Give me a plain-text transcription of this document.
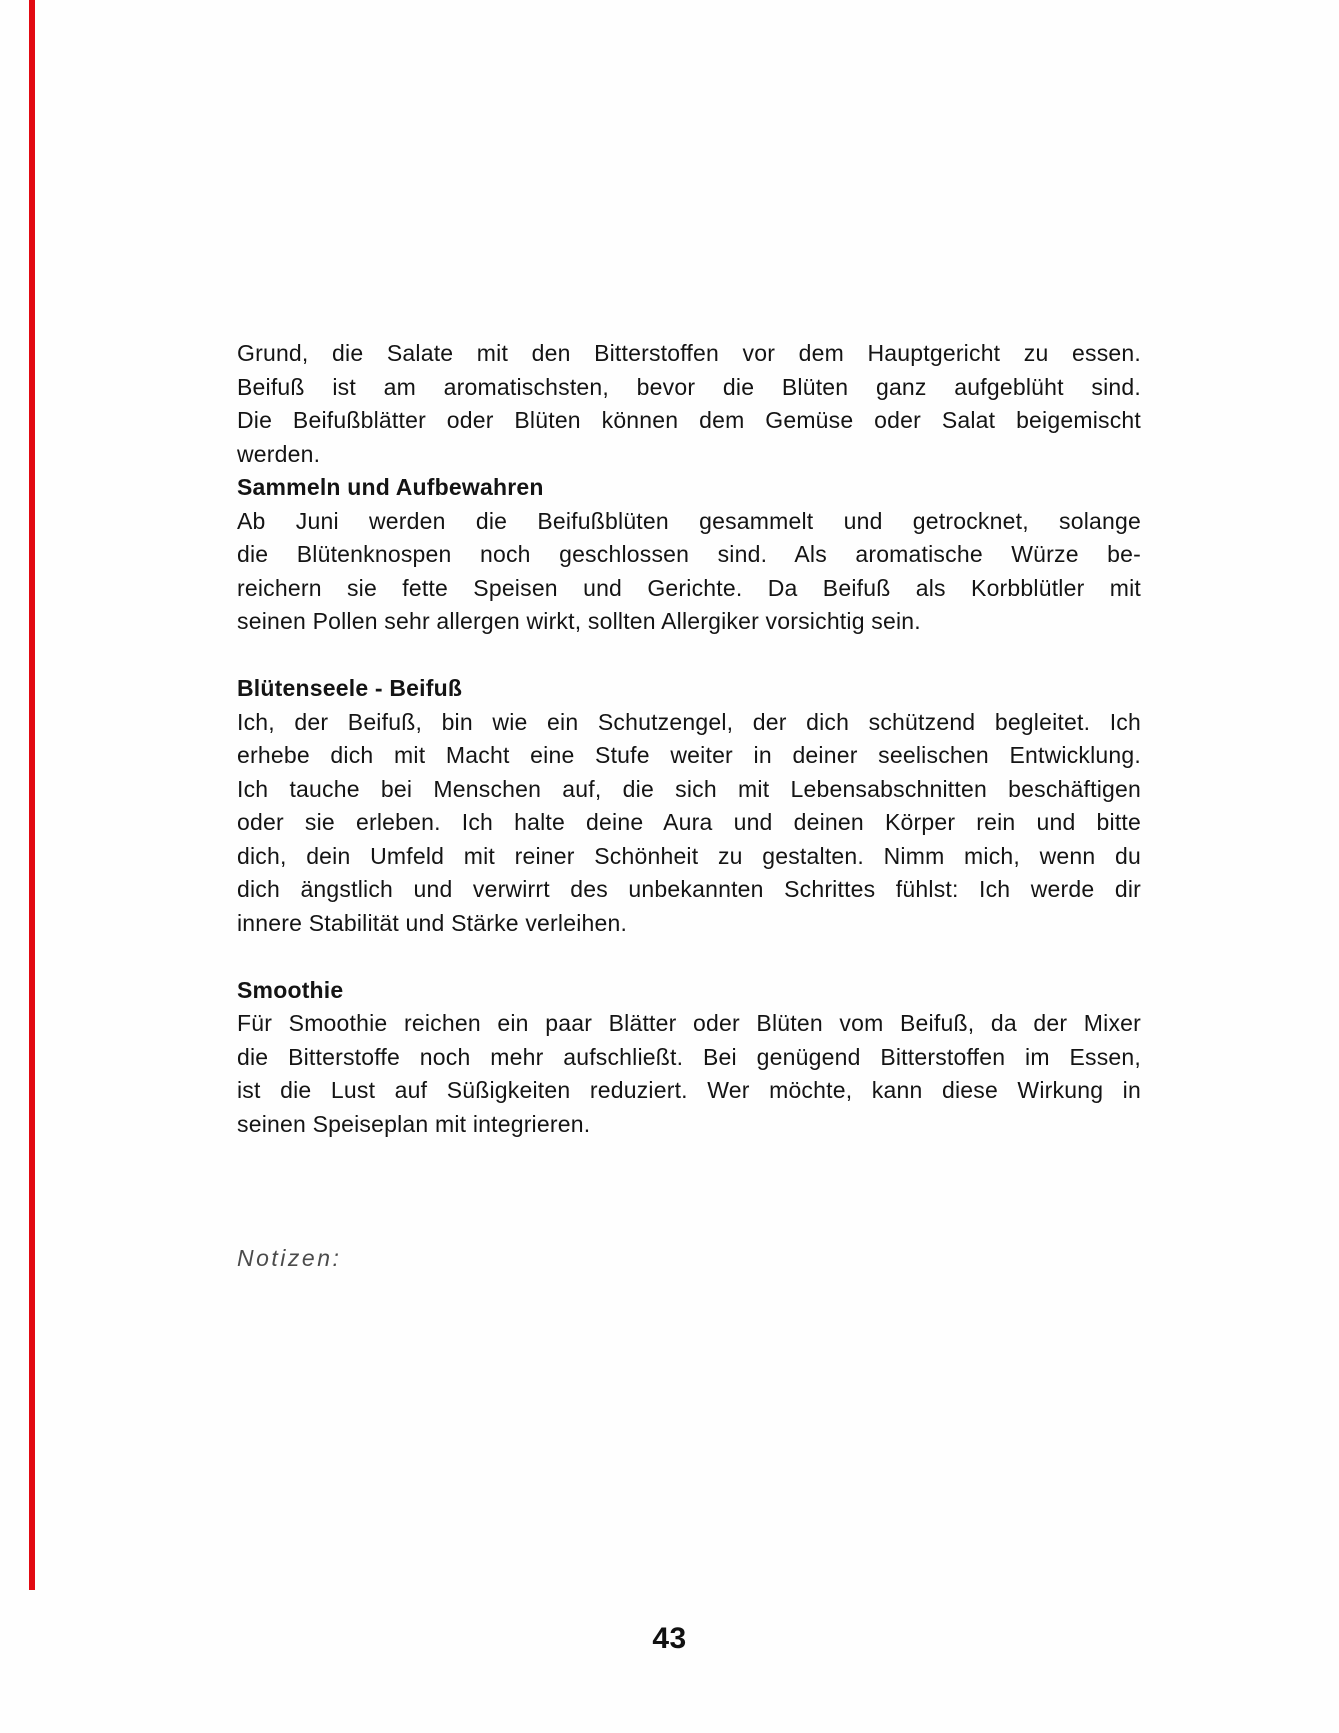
Grund, die Salate mit den Bitterstoffen vor dem Hauptgericht zu essen.
Beifuß ist am aromatischsten, bevor die Blüten ganz aufgeblüht sind.
Die Beifußblätter oder Blüten können dem Gemüse oder Salat beigemischt
werden.
Sammeln und Aufbewahren
Ab Juni werden die Beifußblüten gesammelt und getrocknet, solange
die Blütenknospen noch geschlossen sind. Als aromatische Würze be-
reichern sie fette Speisen und Gerichte. Da Beifuß als Korbblütler mit
seinen Pollen sehr allergen wirkt, sollten Allergiker vorsichtig sein.
Blütenseele - Beifuß
Ich, der Beifuß, bin wie ein Schutzengel, der dich schützend begleitet. Ich
erhebe dich mit Macht eine Stufe weiter in deiner seelischen Entwicklung.
Ich tauche bei Menschen auf, die sich mit Lebensabschnitten beschäftigen
oder sie erleben. Ich halte deine Aura und deinen Körper rein und bitte
dich, dein Umfeld mit reiner Schönheit zu gestalten. Nimm mich, wenn du
dich ängstlich und verwirrt des unbekannten Schrittes fühlst: Ich werde dir
innere Stabilität und Stärke verleihen.
Smoothie
Für Smoothie reichen ein paar Blätter oder Blüten vom Beifuß, da der Mixer
die Bitterstoffe noch mehr aufschließt. Bei genügend Bitterstoffen im Essen,
ist die Lust auf Süßigkeiten reduziert. Wer möchte, kann diese Wirkung in
seinen Speiseplan mit integrieren.
Notizen:
43
